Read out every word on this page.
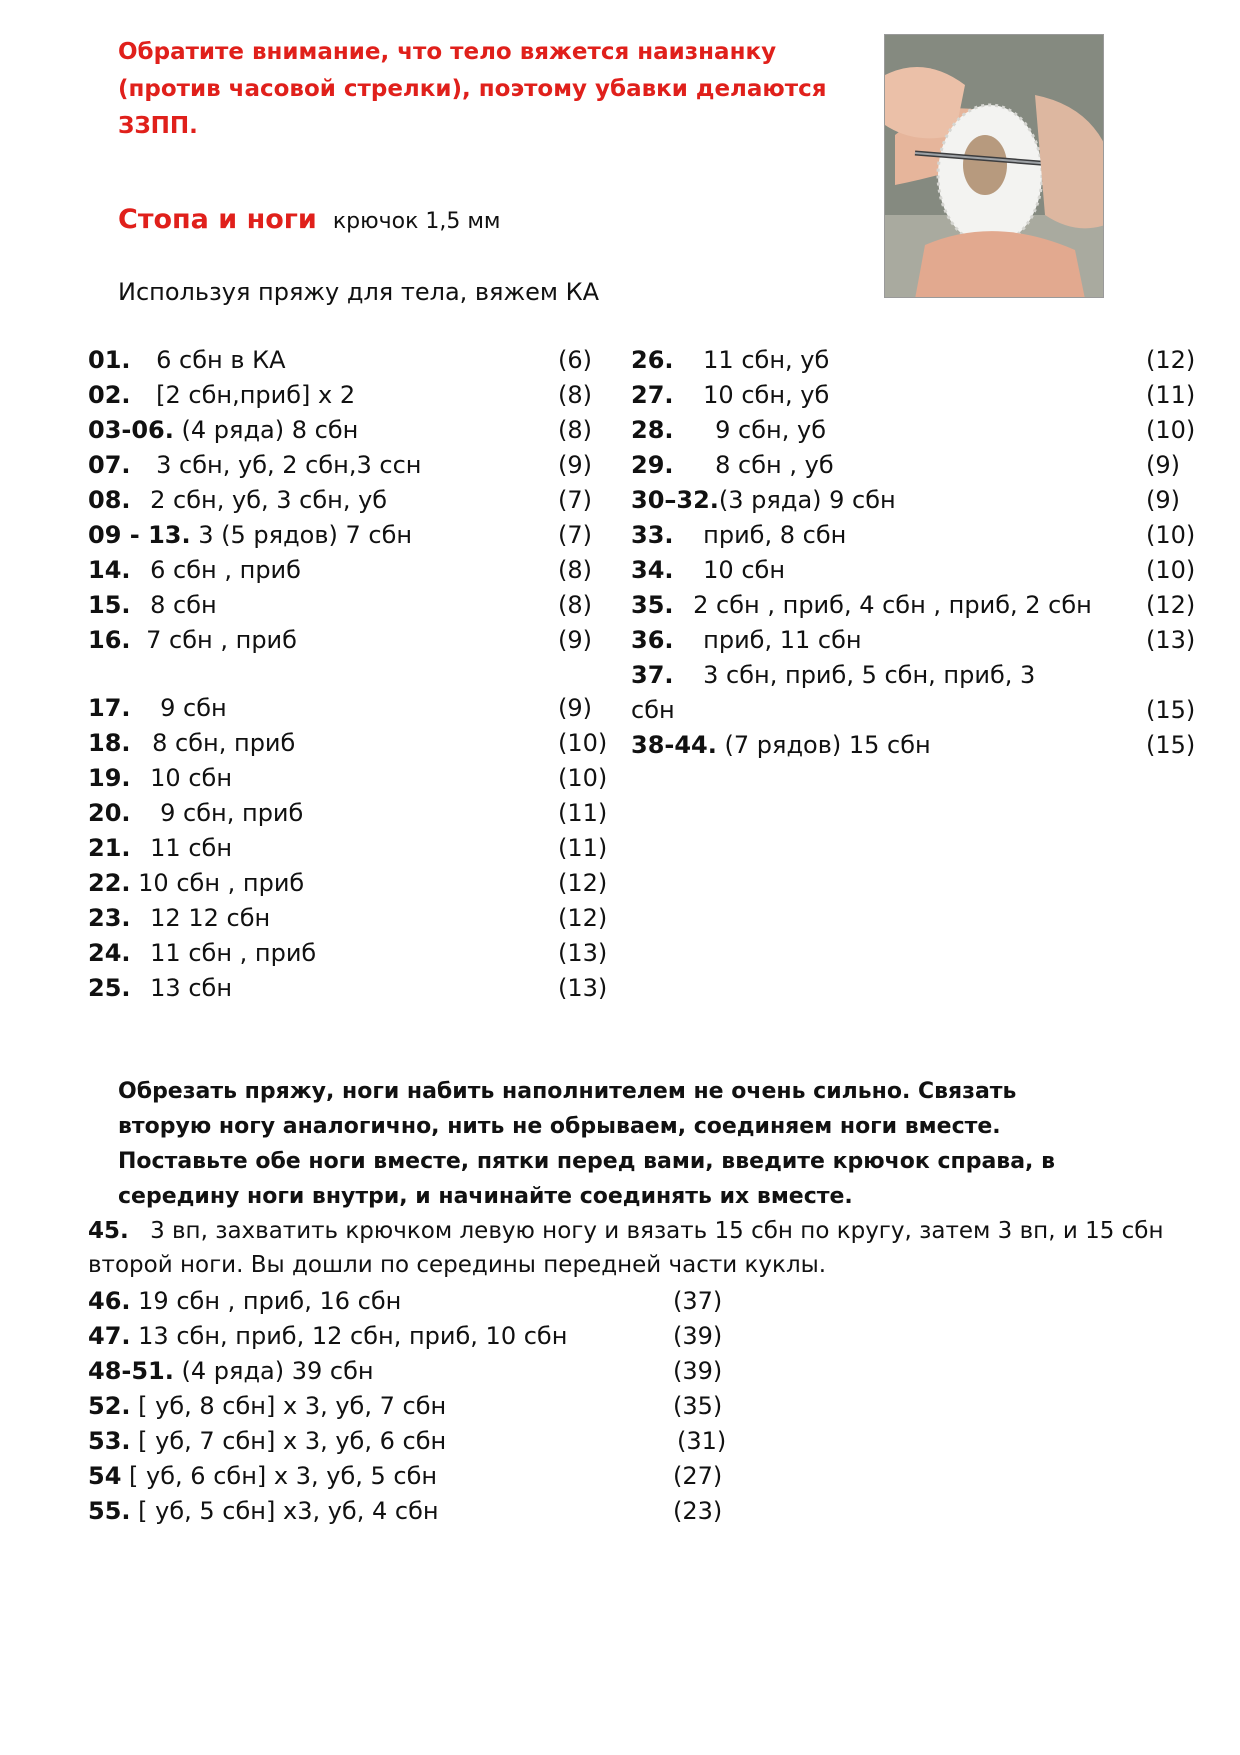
Обратите внимание, что тело вяжется наизнанку (против часовой стрелки), поэтому убавки делаются ЗЗПП.
Стопа и ноги крючок 1,5 мм
Используя пряжу для тела, вяжем КА
01. 6 сбн в КА	(6)
02. [2 сбн,приб] х 2	(8)
03-06. (4 ряда) 8 сбн	(8)
07. 3 сбн, уб, 2 сбн,3 ссн	(9)
08. 2 сбн, уб, 3 сбн, уб	(7)
09 - 13. 3 (5 рядов) 7 сбн	(7)
14. 6 сбн , приб	(8)
15. 8 сбн	(8)
16. 7 сбн , приб	(9)
17. 9 сбн	(9)
18. 8 сбн, приб	(10)
19. 10 сбн	(10)
20. 9 сбн, приб	(11)
21. 11 сбн	(11)
22. 10 сбн , приб	(12)
23. 12 12 сбн	(12)
24. 11 сбн , приб	(13)
25. 13 сбн	(13)
26. 11 сбн, уб	(12)
27. 10 сбн, уб	(11)
28. 9 сбн, уб	(10)
29. 8 сбн , уб	(9)
30–32.(3 ряда) 9 сбн	(9)
33. приб, 8 сбн	(10)
34. 10 сбн	(10)
35. 2 сбн , приб, 4 сбн , приб, 2 сбн (12)
36. приб, 11 сбн	(13)
37. 3 сбн, приб, 5 сбн, приб, 3
сбн	(15)
38-44. (7 рядов) 15 сбн	(15)
Обрезать пряжу, ноги набить наполнителем не очень сильно. Связать вторую ногу аналогично, нить не обрываем, соединяем ноги вместе. Поставьте обе ноги вместе, пятки перед вами, введите крючок справа, в середину ноги внутри, и начинайте соединять их вместе.
45. 3 вп, захватить крючком левую ногу и вязать 15 сбн по кругу, затем 3 вп, и 15 сбн второй ноги. Вы дошли по середины передней части куклы.
46. 19 сбн , приб, 16 сбн	(37)
47. 13 сбн, приб, 12 сбн, приб, 10 сбн	(39)
48-51. (4 ряда) 39 сбн	(39)
52. [ уб, 8 сбн] х 3, уб, 7 сбн	(35)
53. [ уб, 7 сбн] х 3, уб, 6 сбн	(31)
54 [ уб, 6 сбн] х 3, уб, 5 сбн	(27)
55. [ уб, 5 сбн] х3, уб, 4 сбн	(23)
